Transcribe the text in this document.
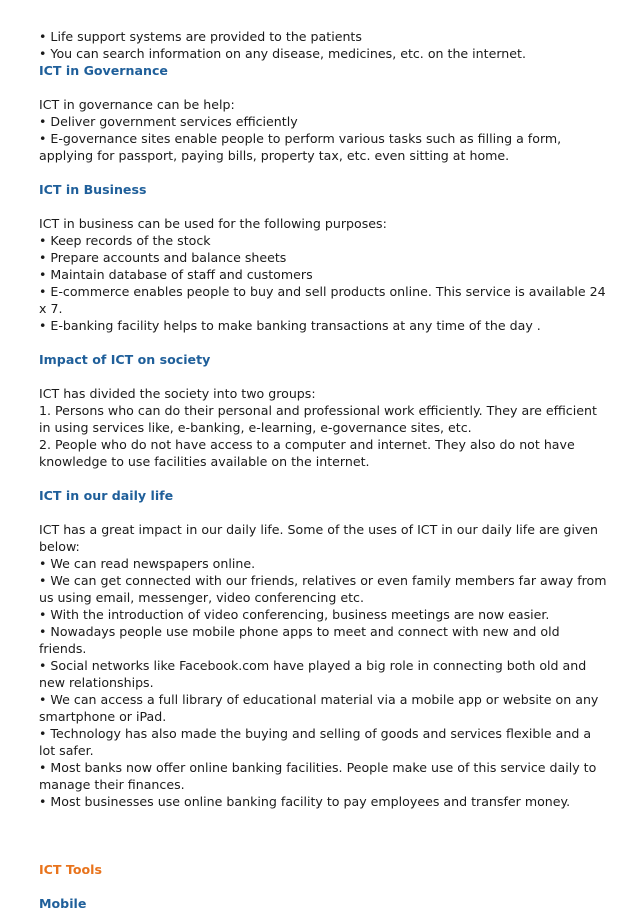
• Life support systems are provided to the patients

• You can search information on any disease, medicines, etc. on the internet.

ICT in Governance

ICT in governance can be help:

• Deliver government services efficiently

• E-governance sites enable people to perform various tasks such as filling a form, applying for passport, paying bills, property tax, etc. even sitting at home.

ICT in Business

ICT in business can be used for the following purposes:

• Keep records of the stock

• Prepare accounts and balance sheets

• Maintain database of staff and customers

• E-commerce enables people to buy and sell products online. This service is available 24 x 7.

• E-banking facility helps to make banking transactions at any time of the day .

Impact of ICT on society

ICT has divided the society into two groups:

1. Persons who can do their personal and professional work efficiently. They are efficient in using services like, e-banking, e-learning, e-governance sites, etc.

2. People who do not have access to a computer and internet. They also do not have knowledge to use facilities available on the internet.

ICT in our daily life

ICT has a great impact in our daily life. Some of the uses of ICT in our daily life are given below:

• We can read newspapers online.

• We can get connected with our friends, relatives or even family members far away from us using email, messenger, video conferencing etc.

• With the introduction of video conferencing, business meetings are now easier.

• Nowadays people use mobile phone apps to meet and connect with new and old friends.

• Social networks like Facebook.com have played a big role in connecting both old and new relationships.

• We can access a full library of educational material via a mobile app or website on any smartphone or iPad.

• Technology has also made the buying and selling of goods and services flexible and a lot safer.

• Most banks now offer online banking facilities. People make use of this service daily to manage their finances.

• Most businesses use online banking facility to pay employees and transfer money.

ICT Tools

Mobile
